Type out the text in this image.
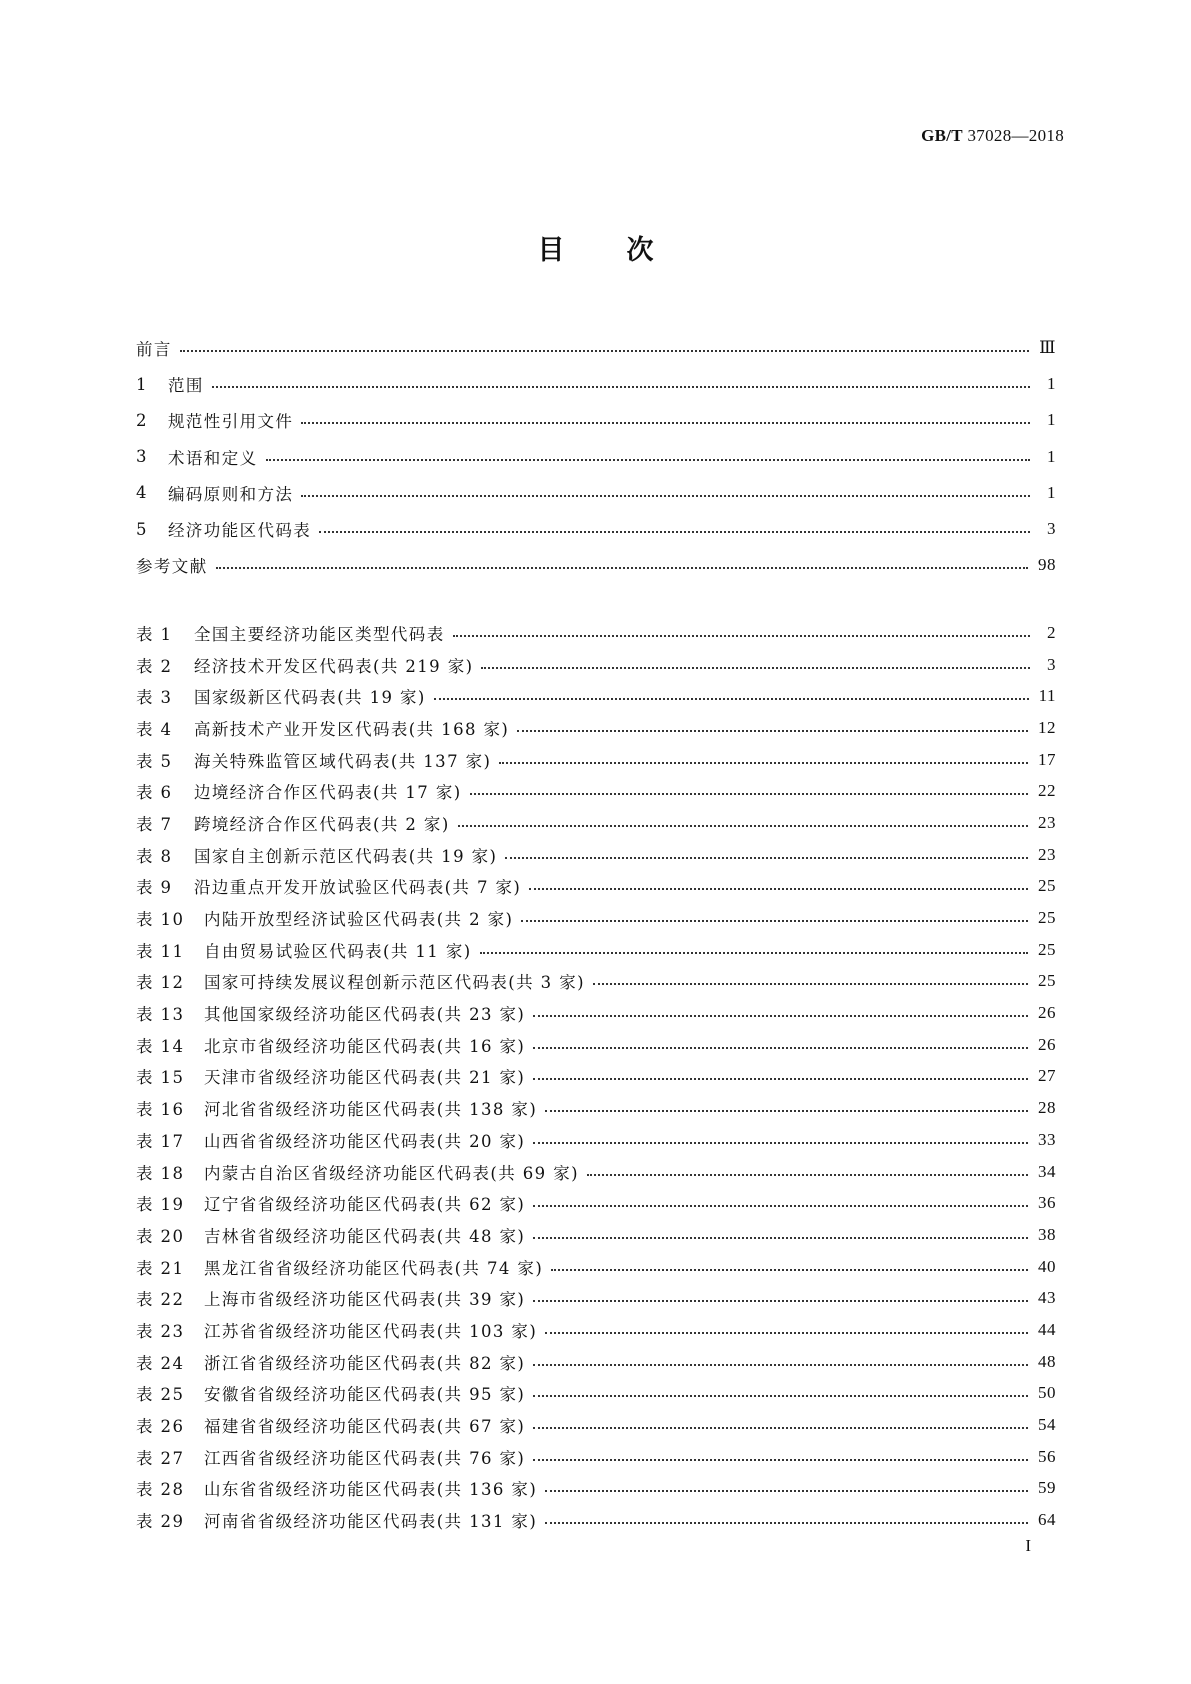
GB/T 37028—2018
目 次
前言	Ⅲ
1	范围	1
2	规范性引用文件	1
3	术语和定义	1
4	编码原则和方法	1
5	经济功能区代码表	3
参考文献	98
表 1	全国主要经济功能区类型代码表	2
表 2	经济技术开发区代码表(共 219 家)	3
表 3	国家级新区代码表(共 19 家)	11
表 4	高新技术产业开发区代码表(共 168 家)	12
表 5	海关特殊监管区域代码表(共 137 家)	17
表 6	边境经济合作区代码表(共 17 家)	22
表 7	跨境经济合作区代码表(共 2 家)	23
表 8	国家自主创新示范区代码表(共 19 家)	23
表 9	沿边重点开发开放试验区代码表(共 7 家)	25
表 10	内陆开放型经济试验区代码表(共 2 家)	25
表 11	自由贸易试验区代码表(共 11 家)	25
表 12	国家可持续发展议程创新示范区代码表(共 3 家)	25
表 13	其他国家级经济功能区代码表(共 23 家)	26
表 14	北京市省级经济功能区代码表(共 16 家)	26
表 15	天津市省级经济功能区代码表(共 21 家)	27
表 16	河北省省级经济功能区代码表(共 138 家)	28
表 17	山西省省级经济功能区代码表(共 20 家)	33
表 18	内蒙古自治区省级经济功能区代码表(共 69 家)	34
表 19	辽宁省省级经济功能区代码表(共 62 家)	36
表 20	吉林省省级经济功能区代码表(共 48 家)	38
表 21	黑龙江省省级经济功能区代码表(共 74 家)	40
表 22	上海市省级经济功能区代码表(共 39 家)	43
表 23	江苏省省级经济功能区代码表(共 103 家)	44
表 24	浙江省省级经济功能区代码表(共 82 家)	48
表 25	安徽省省级经济功能区代码表(共 95 家)	50
表 26	福建省省级经济功能区代码表(共 67 家)	54
表 27	江西省省级经济功能区代码表(共 76 家)	56
表 28	山东省省级经济功能区代码表(共 136 家)	59
表 29	河南省省级经济功能区代码表(共 131 家)	64
I
